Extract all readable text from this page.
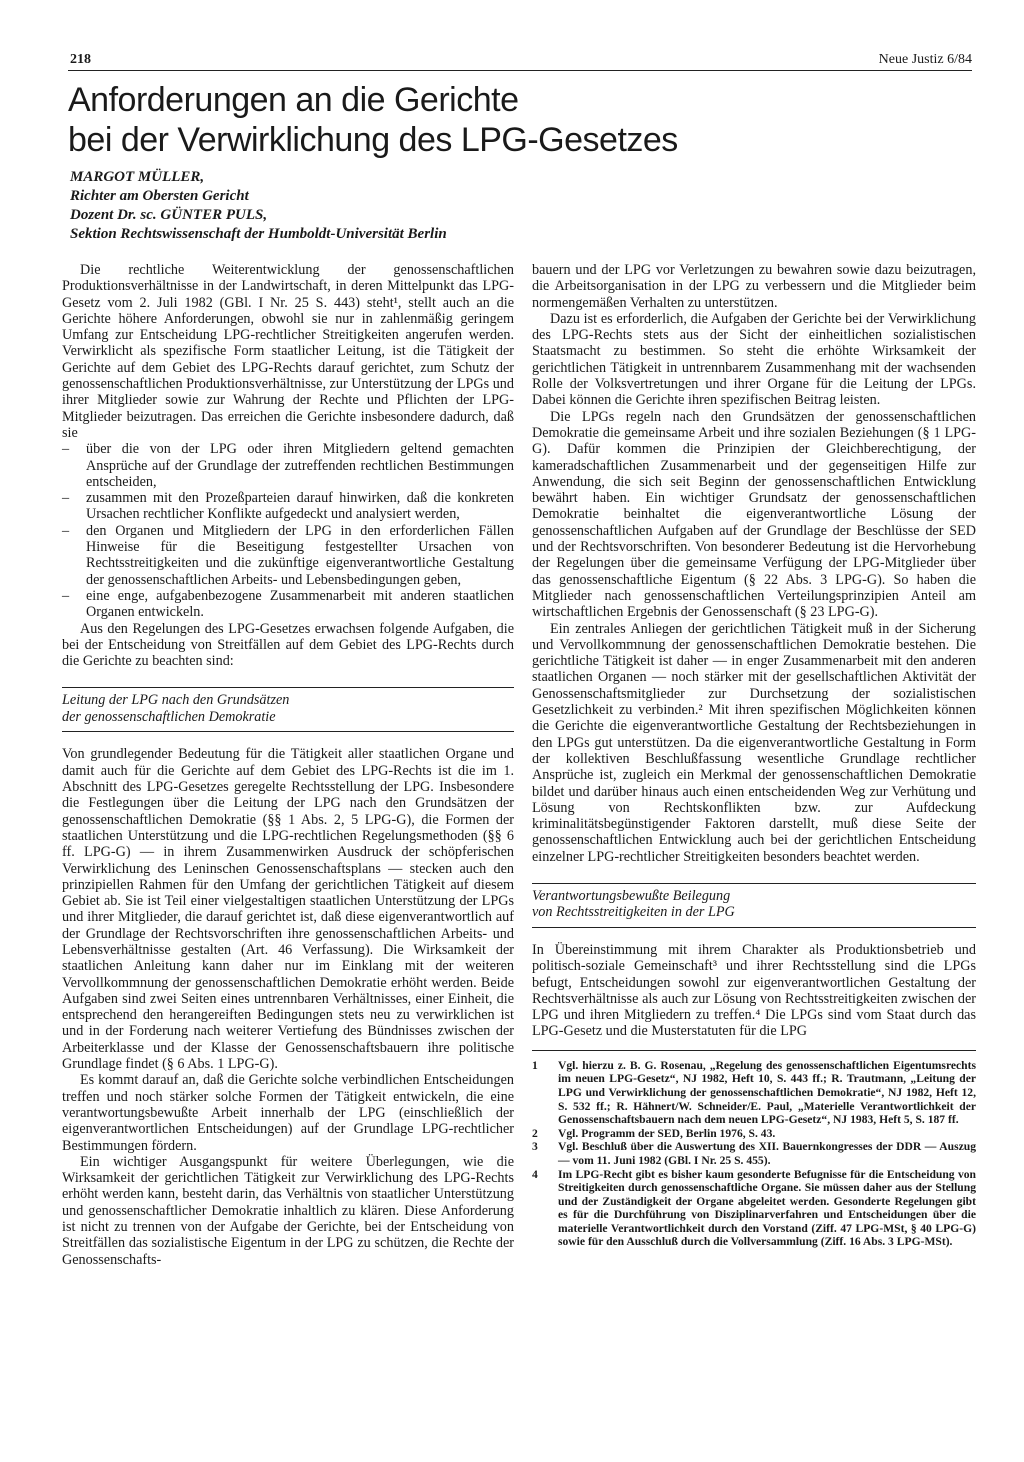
218	Neue Justiz 6/84
Anforderungen an die Gerichte
bei der Verwirklichung des LPG-Gesetzes
MARGOT MÜLLER,
Richter am Obersten Gericht
Dozent Dr. sc. GÜNTER PULS,
Sektion Rechtswissenschaft der Humboldt-Universität Berlin

Die rechtliche Weiterentwicklung der genossenschaftlichen Produktionsverhältnisse in der Landwirtschaft, in deren Mittelpunkt das LPG-Gesetz vom 2. Juli 1982 (GBl. I Nr. 25 S. 443) steht¹, stellt auch an die Gerichte höhere Anforderungen, obwohl sie nur in zahlenmäßig geringem Umfang zur Entscheidung LPG-rechtlicher Streitigkeiten angerufen werden. Verwirklicht als spezifische Form staatlicher Leitung, ist die Tätigkeit der Gerichte auf dem Gebiet des LPG-Rechts darauf gerichtet, zum Schutz der genossenschaftlichen Produktionsverhältnisse, zur Unterstützung der LPGs und ihrer Mitglieder sowie zur Wahrung der Rechte und Pflichten der LPG-Mitglieder beizutragen. Das erreichen die Gerichte insbesondere dadurch, daß sie

– über die von der LPG oder ihren Mitgliedern geltend gemachten Ansprüche auf der Grundlage der zutreffenden rechtlichen Bestimmungen entscheiden,
– zusammen mit den Prozeßparteien darauf hinwirken, daß die konkreten Ursachen rechtlicher Konflikte aufgedeckt und analysiert werden,
– den Organen und Mitgliedern der LPG in den erforderlichen Fällen Hinweise für die Beseitigung festgestellter Ursachen von Rechtsstreitigkeiten und die zukünftige eigenverantwortliche Gestaltung der genossenschaftlichen Arbeits- und Lebensbedingungen geben,
– eine enge, aufgabenbezogene Zusammenarbeit mit anderen staatlichen Organen entwickeln.

Aus den Regelungen des LPG-Gesetzes erwachsen folgende Aufgaben, die bei der Entscheidung von Streitfällen auf dem Gebiet des LPG-Rechts durch die Gerichte zu beachten sind:

Leitung der LPG nach den Grundsätzen
der genossenschaftlichen Demokratie

Von grundlegender Bedeutung für die Tätigkeit aller staatlichen Organe und damit auch für die Gerichte auf dem Gebiet des LPG-Rechts ist die im 1. Abschnitt des LPG-Gesetzes geregelte Rechtsstellung der LPG. Insbesondere die Festlegungen über die Leitung der LPG nach den Grundsätzen der genossenschaftlichen Demokratie (§§ 1 Abs. 2, 5 LPG-G), die Formen der staatlichen Unterstützung und die LPG-rechtlichen Regelungsmethoden (§§ 6 ff. LPG-G) — in ihrem Zusammenwirken Ausdruck der schöpferischen Verwirklichung des Leninschen Genossenschaftsplans — stecken auch den prinzipiellen Rahmen für den Umfang der gerichtlichen Tätigkeit auf diesem Gebiet ab. Sie ist Teil einer vielgestaltigen staatlichen Unterstützung der LPGs und ihrer Mitglieder, die darauf gerichtet ist, daß diese eigenverantwortlich auf der Grundlage der Rechtsvorschriften ihre genossenschaftlichen Arbeits- und Lebensverhältnisse gestalten (Art. 46 Verfassung). Die Wirksamkeit der staatlichen Anleitung kann daher nur im Einklang mit der weiteren Vervollkommnung der genossenschaftlichen Demokratie erhöht werden. Beide Aufgaben sind zwei Seiten eines untrennbaren Verhältnisses, einer Einheit, die entsprechend den herangereiften Bedingungen stets neu zu verwirklichen ist und in der Forderung nach weiterer Vertiefung des Bündnisses zwischen der Arbeiterklasse und der Klasse der Genossenschaftsbauern ihre politische Grundlage findet (§ 6 Abs. 1 LPG-G).

Es kommt darauf an, daß die Gerichte solche verbindlichen Entscheidungen treffen und noch stärker solche Formen der Tätigkeit entwickeln, die eine verantwortungsbewußte Arbeit innerhalb der LPG (einschließlich der eigenverantwortlichen Entscheidungen) auf der Grundlage LPG-rechtlicher Bestimmungen fördern.

Ein wichtiger Ausgangspunkt für weitere Überlegungen, wie die Wirksamkeit der gerichtlichen Tätigkeit zur Verwirklichung des LPG-Rechts erhöht werden kann, besteht darin, das Verhältnis von staatlicher Unterstützung und genossenschaftlicher Demokratie inhaltlich zu klären. Diese Anforderung ist nicht zu trennen von der Aufgabe der Gerichte, bei der Entscheidung von Streitfällen das sozialistische Eigentum in der LPG zu schützen, die Rechte der Genossenschafts-

bauern und der LPG vor Verletzungen zu bewahren sowie dazu beizutragen, die Arbeitsorganisation in der LPG zu verbessern und die Mitglieder beim normengemäßen Verhalten zu unterstützen.

Dazu ist es erforderlich, die Aufgaben der Gerichte bei der Verwirklichung des LPG-Rechts stets aus der Sicht der einheitlichen sozialistischen Staatsmacht zu bestimmen. So steht die erhöhte Wirksamkeit der gerichtlichen Tätigkeit in untrennbarem Zusammenhang mit der wachsenden Rolle der Volksvertretungen und ihrer Organe für die Leitung der LPGs. Dabei können die Gerichte ihren spezifischen Beitrag leisten.

Die LPGs regeln nach den Grundsätzen der genossenschaftlichen Demokratie die gemeinsame Arbeit und ihre sozialen Beziehungen (§ 1 LPG-G). Dafür kommen die Prinzipien der Gleichberechtigung, der kameradschaftlichen Zusammenarbeit und der gegenseitigen Hilfe zur Anwendung, die sich seit Beginn der genossenschaftlichen Entwicklung bewährt haben. Ein wichtiger Grundsatz der genossenschaftlichen Demokratie beinhaltet die eigenverantwortliche Lösung der genossenschaftlichen Aufgaben auf der Grundlage der Beschlüsse der SED und der Rechtsvorschriften. Von besonderer Bedeutung ist die Hervorhebung der Regelungen über die gemeinsame Verfügung der LPG-Mitglieder über das genossenschaftliche Eigentum (§ 22 Abs. 3 LPG-G). So haben die Mitglieder nach genossenschaftlichen Verteilungsprinzipien Anteil am wirtschaftlichen Ergebnis der Genossenschaft (§ 23 LPG-G).

Ein zentrales Anliegen der gerichtlichen Tätigkeit muß in der Sicherung und Vervollkommnung der genossenschaftlichen Demokratie bestehen. Die gerichtliche Tätigkeit ist daher — in enger Zusammenarbeit mit den anderen staatlichen Organen — noch stärker mit der gesellschaftlichen Aktivität der Genossenschaftsmitglieder zur Durchsetzung der sozialistischen Gesetzlichkeit zu verbinden.² Mit ihren spezifischen Möglichkeiten können die Gerichte die eigenverantwortliche Gestaltung der Rechtsbeziehungen in den LPGs gut unterstützen. Da die eigenverantwortliche Gestaltung in Form der kollektiven Beschlußfassung wesentliche Grundlage rechtlicher Ansprüche ist, zugleich ein Merkmal der genossenschaftlichen Demokratie bildet und darüber hinaus auch einen entscheidenden Weg zur Verhütung und Lösung von Rechtskonflikten bzw. zur Aufdeckung kriminalitätsbegünstigender Faktoren darstellt, muß diese Seite der genossenschaftlichen Entwicklung auch bei der gerichtlichen Entscheidung einzelner LPG-rechtlicher Streitigkeiten besonders beachtet werden.

Verantwortungsbewußte Beilegung
von Rechtsstreitigkeiten in der LPG

In Übereinstimmung mit ihrem Charakter als Produktionsbetrieb und politisch-soziale Gemeinschaft³ und ihrer Rechtsstellung sind die LPGs befugt, Entscheidungen sowohl zur eigenverantwortlichen Gestaltung der Rechtsverhältnisse als auch zur Lösung von Rechtsstreitigkeiten zwischen der LPG und ihren Mitgliedern zu treffen.⁴ Die LPGs sind vom Staat durch das LPG-Gesetz und die Musterstatuten für die LPG

1 Vgl. hierzu z. B. G. Rosenau, „Regelung des genossenschaftlichen Eigentumsrechts im neuen LPG-Gesetz“, NJ 1982, Heft 10, S. 443 ff.; R. Trautmann, „Leitung der LPG und Verwirklichung der genossenschaftlichen Demokratie“, NJ 1982, Heft 12, S. 532 ff.; R. Hähnert/W. Schneider/E. Paul, „Materielle Verantwortlichkeit der Genossenschaftsbauern nach dem neuen LPG-Gesetz“, NJ 1983, Heft 5, S. 187 ff.
2 Vgl. Programm der SED, Berlin 1976, S. 43.
3 Vgl. Beschluß über die Auswertung des XII. Bauernkongresses der DDR — Auszug — vom 11. Juni 1982 (GBl. I Nr. 25 S. 455).
4 Im LPG-Recht gibt es bisher kaum gesonderte Befugnisse für die Entscheidung von Streitigkeiten durch genossenschaftliche Organe. Sie müssen daher aus der Stellung und der Zuständigkeit der Organe abgeleitet werden. Gesonderte Regelungen gibt es für die Durchführung von Disziplinarverfahren und Entscheidungen über die materielle Verantwortlichkeit durch den Vorstand (Ziff. 47 LPG-MSt, § 40 LPG-G) sowie für den Ausschluß durch die Vollversammlung (Ziff. 16 Abs. 3 LPG-MSt).
